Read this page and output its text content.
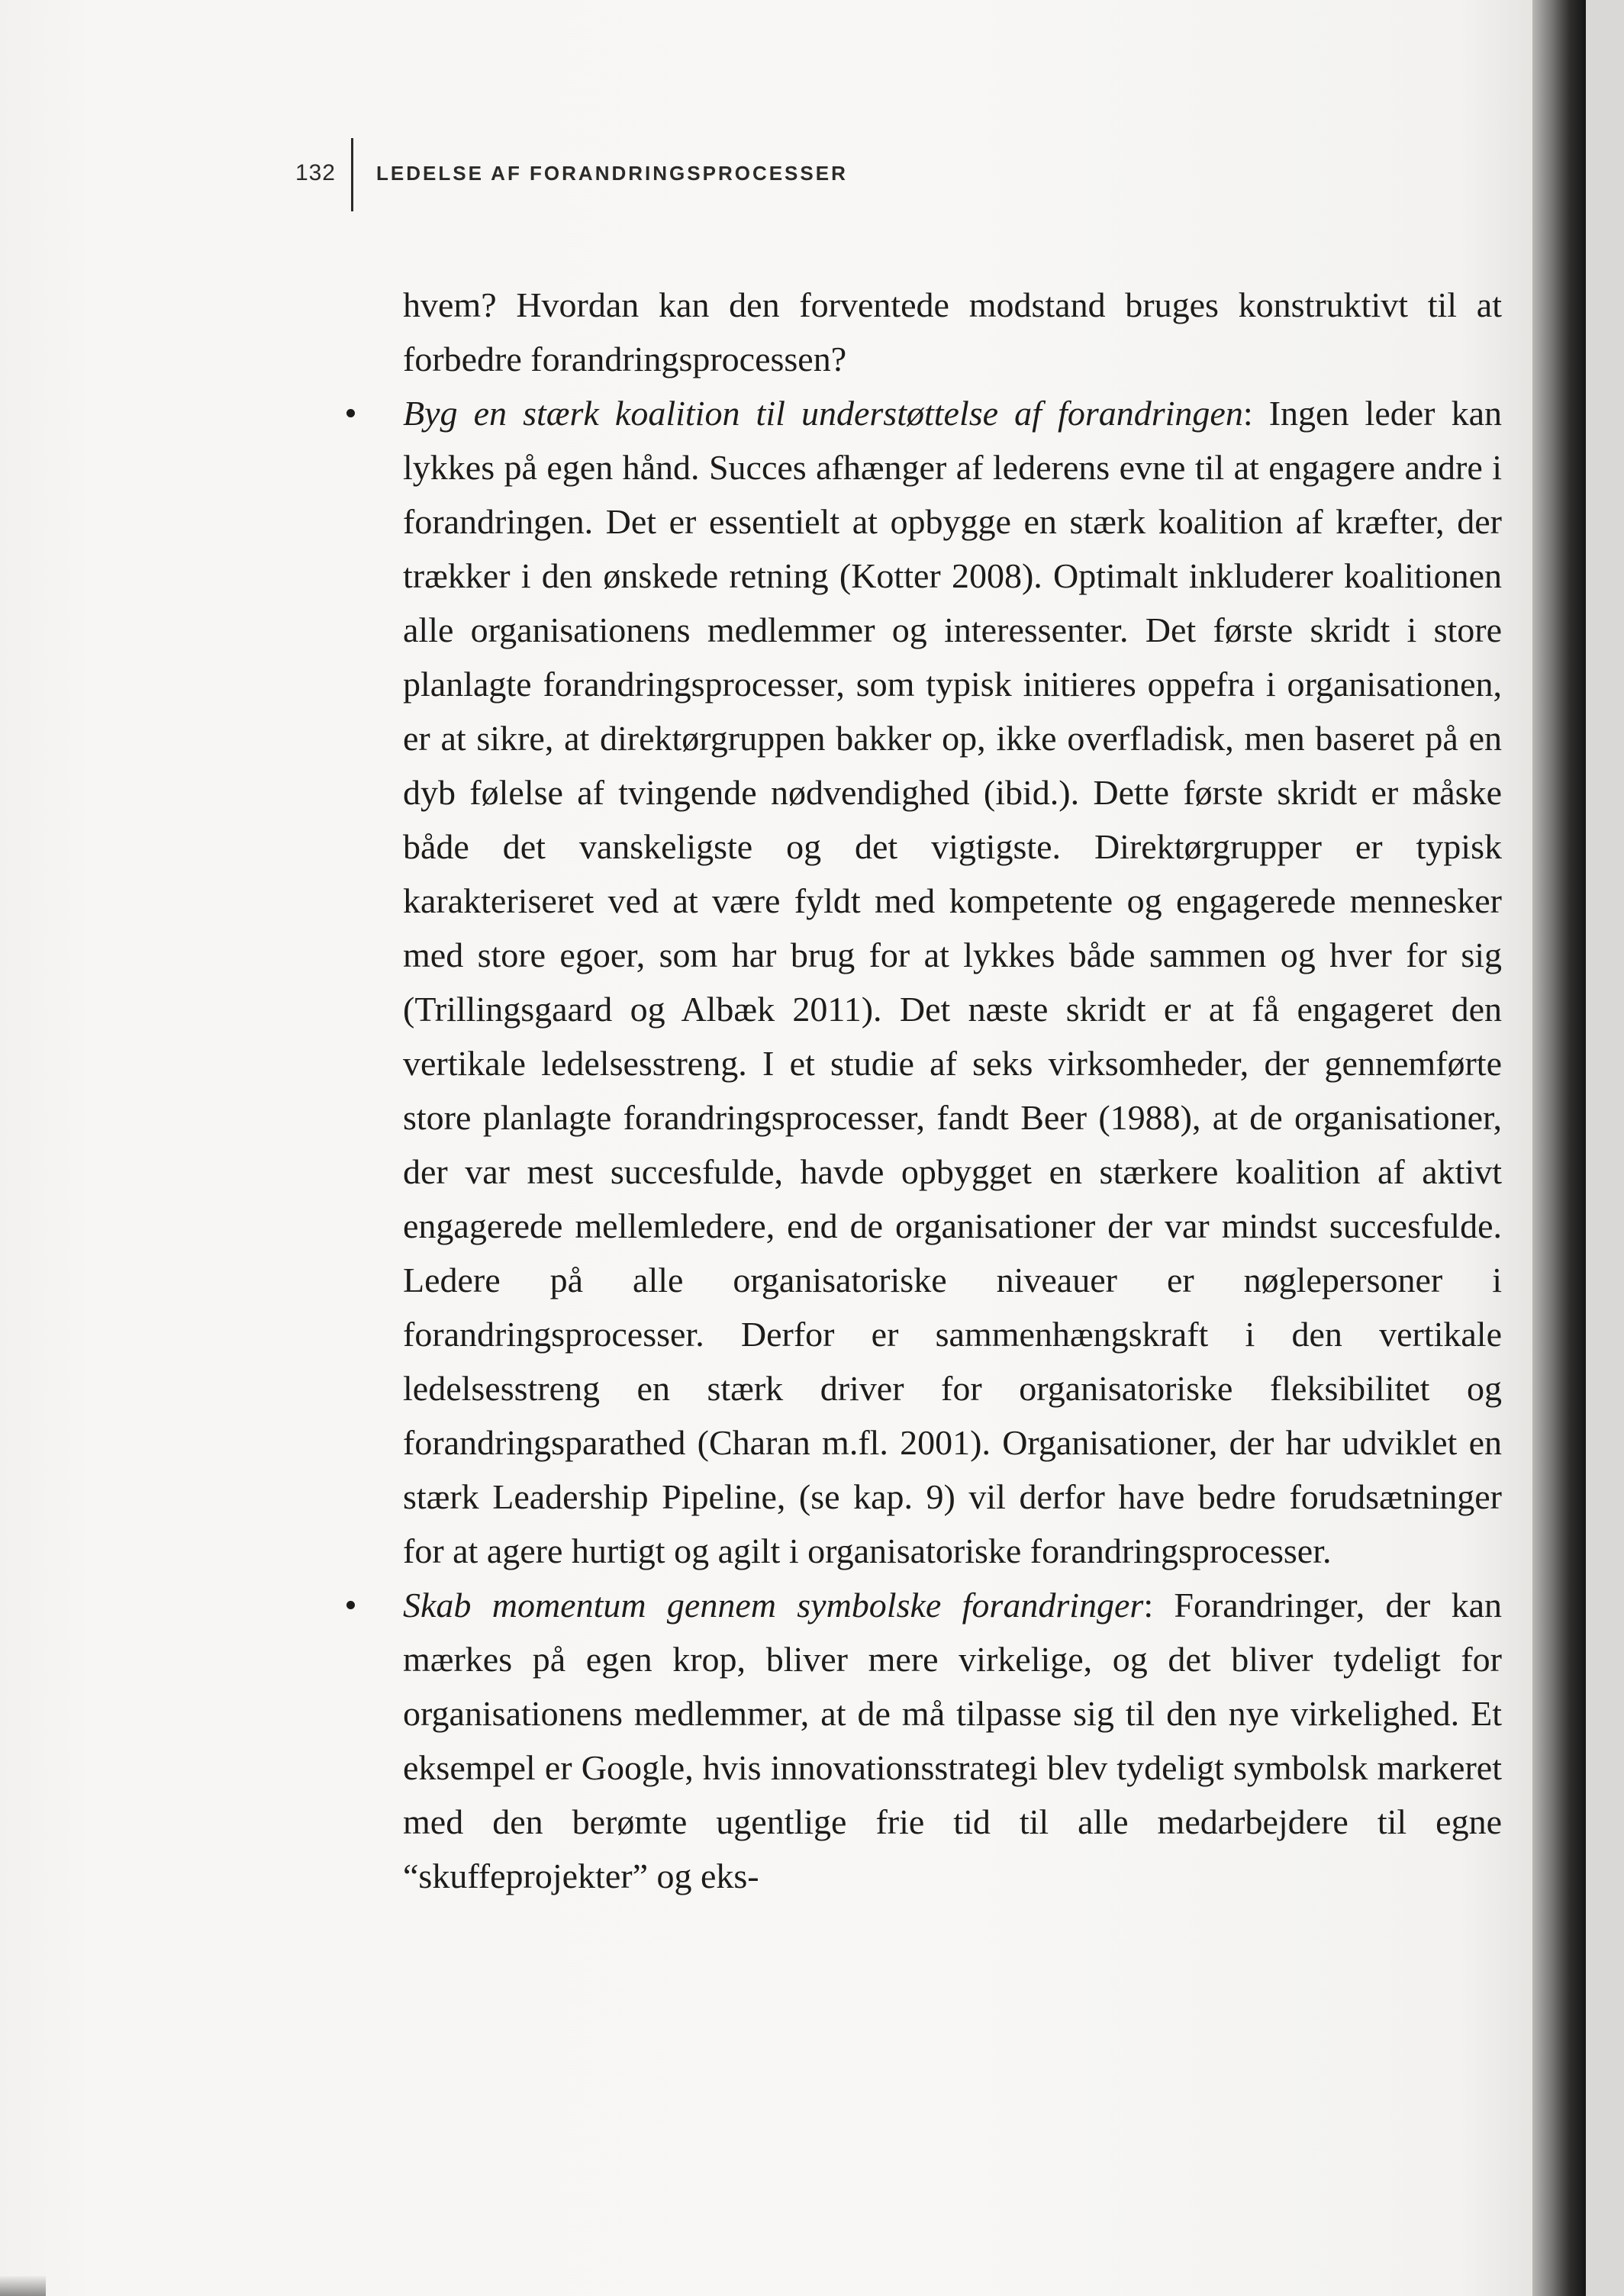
132	LEDELSE AF FORANDRINGSPROCESSER

hvem? Hvordan kan den forventede modstand bruges konstruktivt til at forbedre forandringsprocessen?

Byg en stærk koalition til understøttelse af forandringen: Ingen leder kan lykkes på egen hånd. Succes afhænger af lederens evne til at engagere andre i forandringen. Det er essentielt at opbygge en stærk koalition af kræfter, der trækker i den ønskede retning (Kotter 2008). Optimalt inkluderer koalitionen alle organisationens medlemmer og interessenter. Det første skridt i store planlagte forandringsprocesser, som typisk initieres oppefra i organisationen, er at sikre, at direktørgruppen bakker op, ikke overfladisk, men baseret på en dyb følelse af tvingende nødvendighed (ibid.). Dette første skridt er måske både det vanskeligste og det vigtigste. Direktørgrupper er typisk karakteriseret ved at være fyldt med kompetente og engagerede mennesker med store egoer, som har brug for at lykkes både sammen og hver for sig (Trillingsgaard og Albæk 2011). Det næste skridt er at få engageret den vertikale ledelsesstreng. I et studie af seks virksomheder, der gennemførte store planlagte forandringsprocesser, fandt Beer (1988), at de organisationer, der var mest succesfulde, havde opbygget en stærkere koalition af aktivt engagerede mellemledere, end de organisationer der var mindst succesfulde. Ledere på alle organisatoriske niveauer er nøglepersoner i forandringsprocesser. Derfor er sammenhængskraft i den vertikale ledelsesstreng en stærk driver for organisatoriske fleksibilitet og forandringsparathed (Charan m.fl. 2001). Organisationer, der har udviklet en stærk Leadership Pipeline, (se kap. 9) vil derfor have bedre forudsætninger for at agere hurtigt og agilt i organisatoriske forandringsprocesser.
Skab momentum gennem symbolske forandringer: Forandringer, der kan mærkes på egen krop, bliver mere virkelige, og det bliver tydeligt for organisationens medlemmer, at de må tilpasse sig til den nye virkelighed. Et eksempel er Google, hvis innovationsstrategi blev tydeligt symbolsk markeret med den berømte ugentlige frie tid til alle medarbejdere til egne “skuffeprojekter” og eks-
